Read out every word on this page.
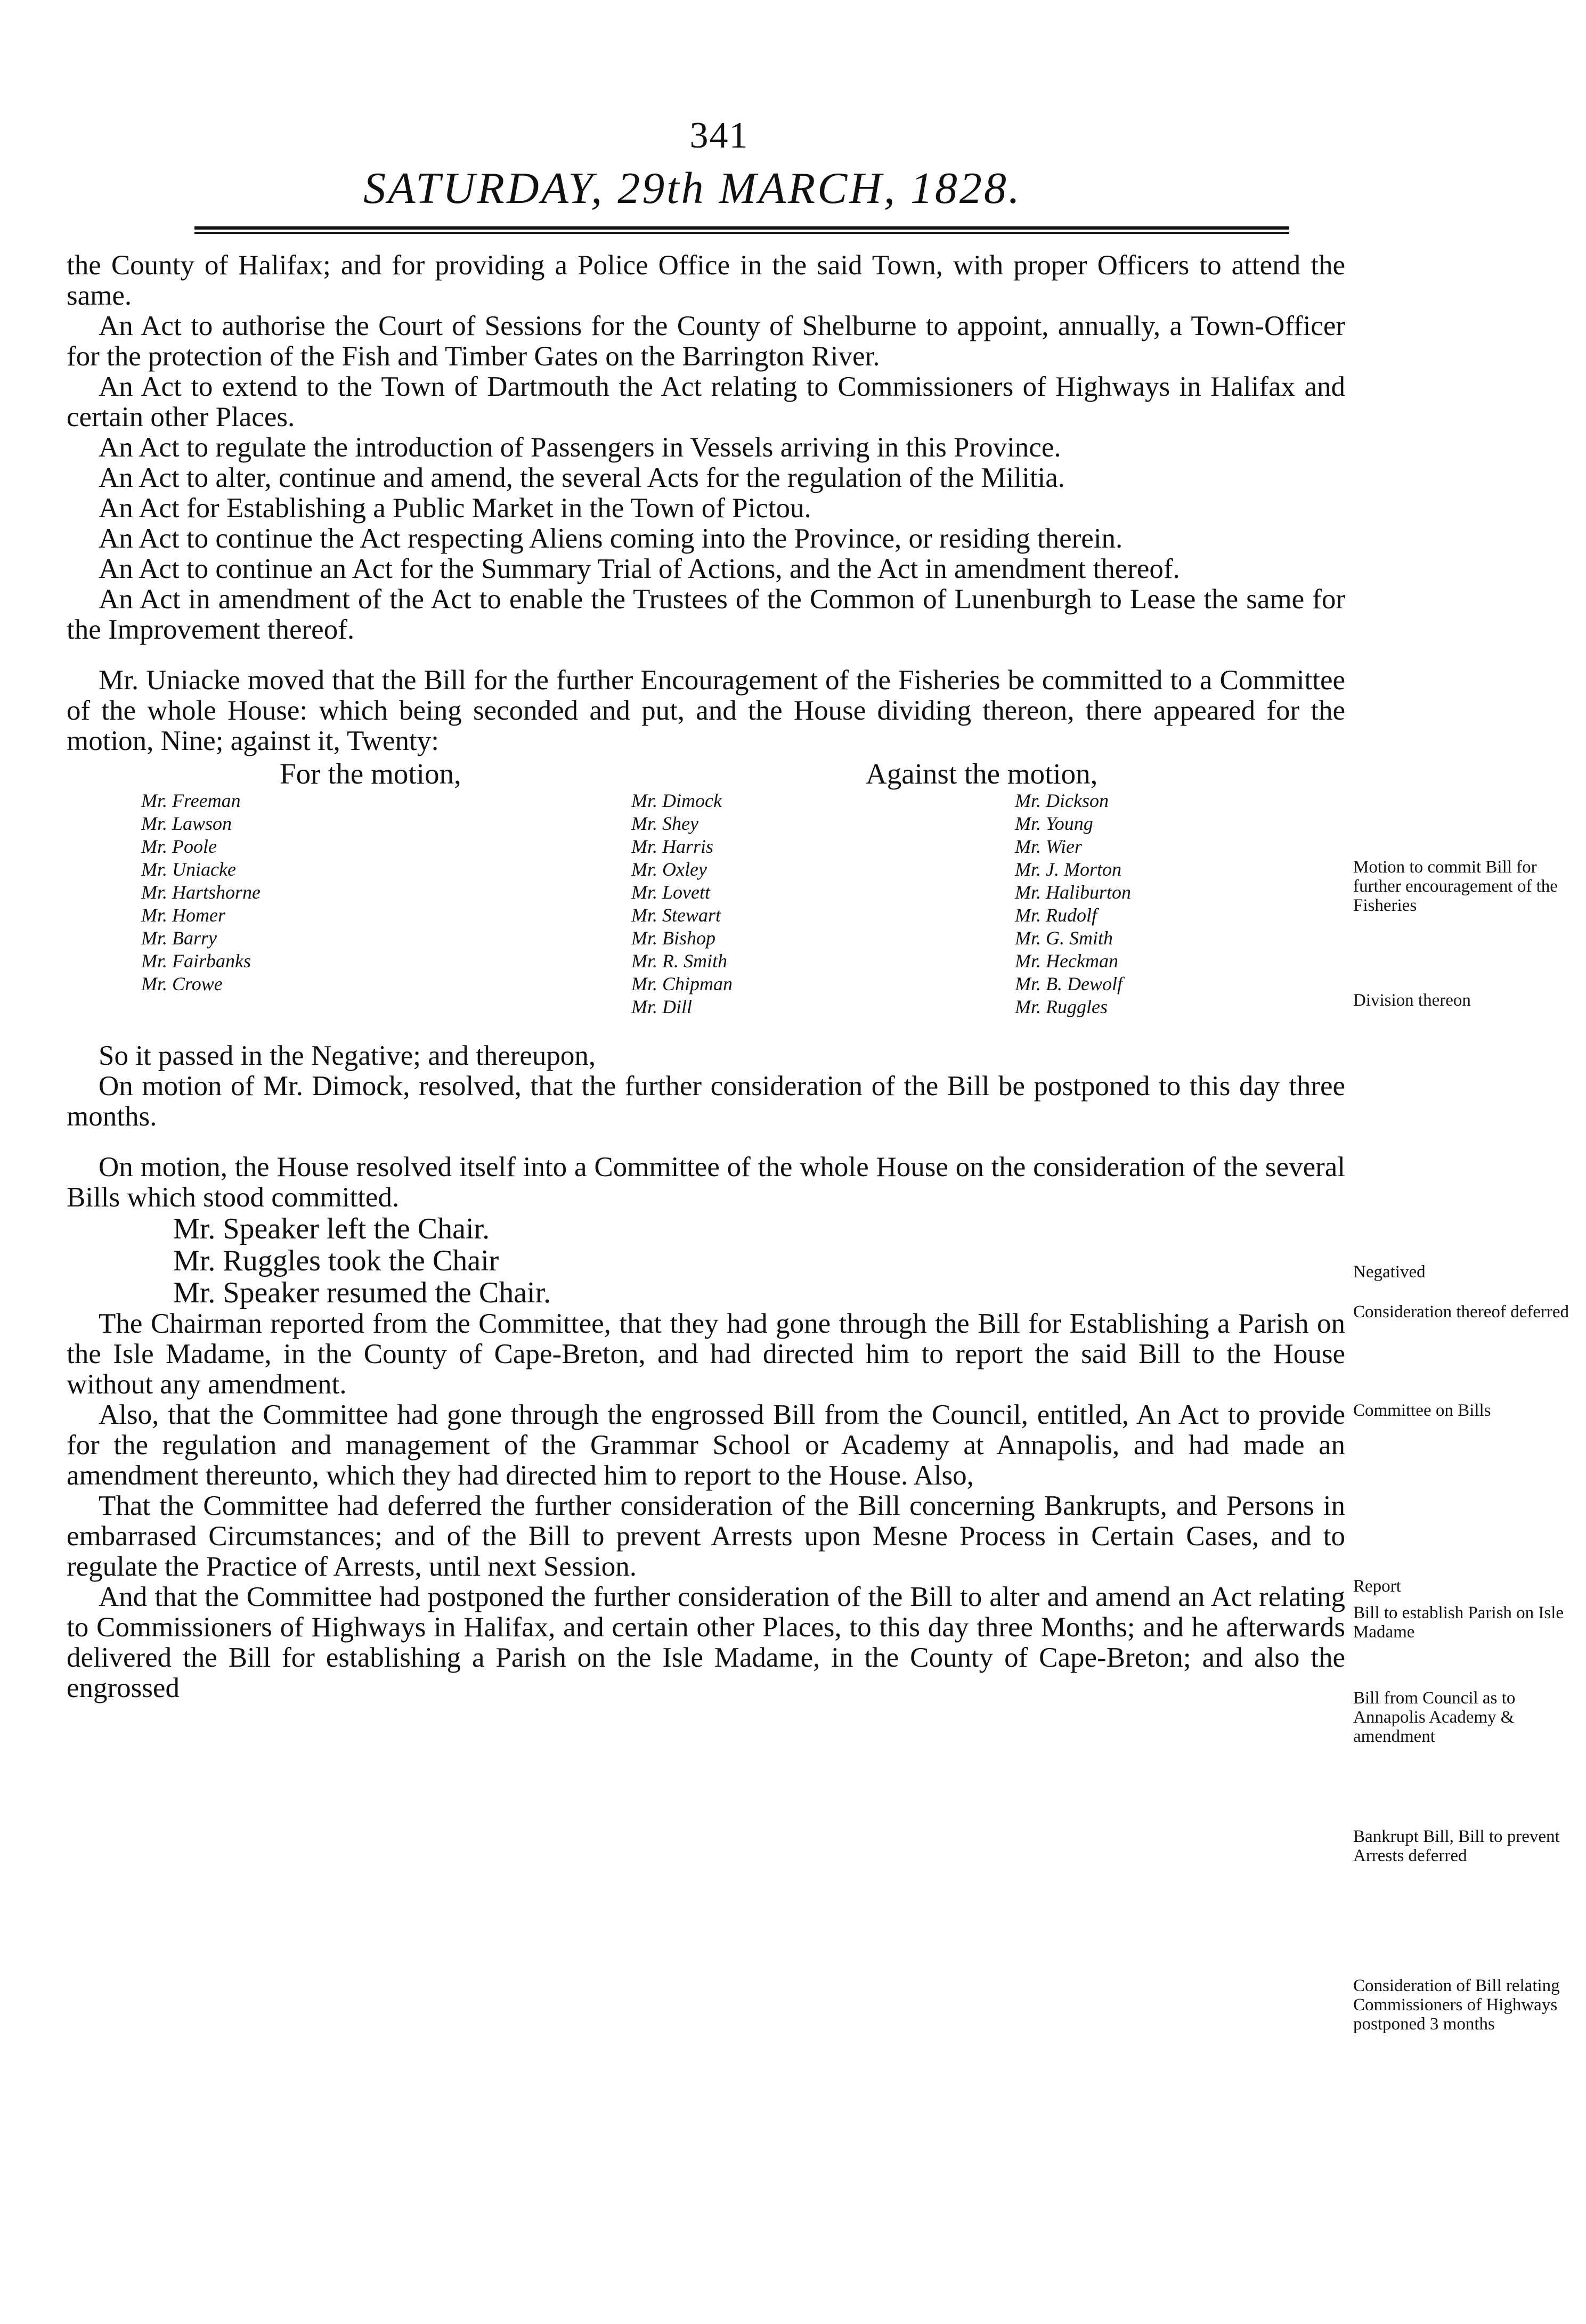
341
SATURDAY, 29th MARCH, 1828.

the County of Halifax; and for providing a Police Office in the said Town, with proper Officers to attend the same.

An Act to authorise the Court of Sessions for the County of Shelburne to appoint, annually, a Town-Officer for the protection of the Fish and Timber Gates on the Barrington River.

An Act to extend to the Town of Dartmouth the Act relating to Commissioners of Highways in Halifax and certain other Places.

An Act to regulate the introduction of Passengers in Vessels arriving in this Province.

An Act to alter, continue and amend, the several Acts for the regulation of the Militia.

An Act for Establishing a Public Market in the Town of Pictou.

An Act to continue the Act respecting Aliens coming into the Province, or residing therein.

An Act to continue an Act for the Summary Trial of Actions, and the Act in amendment thereof.

An Act in amendment of the Act to enable the Trustees of the Common of Lunenburgh to Lease the same for the Improvement thereof.

Mr. Uniacke moved that the Bill for the further Encouragement of the Fisheries be committed to a Committee of the whole House: which being seconded and put, and the House dividing thereon, there appeared for the motion, Nine; against it, Twenty:

For the motion,	Against the motion,
Mr. Freeman
Mr. Lawson
Mr. Poole
Mr. Uniacke
Mr. Hartshorne
Mr. Homer
Mr. Barry
Mr. Fairbanks
Mr. Crowe
Mr. Dimock
Mr. Shey
Mr. Harris
Mr. Oxley
Mr. Lovett
Mr. Stewart
Mr. Bishop
Mr. R. Smith
Mr. Chipman
Mr. Dill
Mr. Dickson
Mr. Young
Mr. Wier
Mr. J. Morton
Mr. Haliburton
Mr. Rudolf
Mr. G. Smith
Mr. Heckman
Mr. B. Dewolf
Mr. Ruggles

So it passed in the Negative; and thereupon,

On motion of Mr. Dimock, resolved, that the further consideration of the Bill be postponed to this day three months.

On motion, the House resolved itself into a Committee of the whole House on the consideration of the several Bills which stood committed.

Mr. Speaker left the Chair.

Mr. Ruggles took the Chair

Mr. Speaker resumed the Chair.

The Chairman reported from the Committee, that they had gone through the Bill for Establishing a Parish on the Isle Madame, in the County of Cape-Breton, and had directed him to report the said Bill to the House without any amendment.

Also, that the Committee had gone through the engrossed Bill from the Council, entitled, An Act to provide for the regulation and management of the Grammar School or Academy at Annapolis, and had made an amendment thereunto, which they had directed him to report to the House. Also,

That the Committee had deferred the further consideration of the Bill concerning Bankrupts, and Persons in embarrased Circumstances; and of the Bill to prevent Arrests upon Mesne Process in Certain Cases, and to regulate the Practice of Arrests, until next Session.

And that the Committee had postponed the further consideration of the Bill to alter and amend an Act relating to Commissioners of Highways in Halifax, and certain other Places, to this day three Months; and he afterwards delivered the Bill for establishing a Parish on the Isle Madame, in the County of Cape-Breton; and also the engrossed

Motion to commit Bill for further encouragement of the Fisheries
Division thereon
Negatived
Consideration thereof deferred
Committee on Bills
Report
Bill to establish Parish on Isle Madame
Bill from Council as to Annapolis Academy & amendment
Bankrupt Bill, Bill to prevent Arrests deferred
Consideration of Bill relating Commissioners of Highways postponed 3 months
